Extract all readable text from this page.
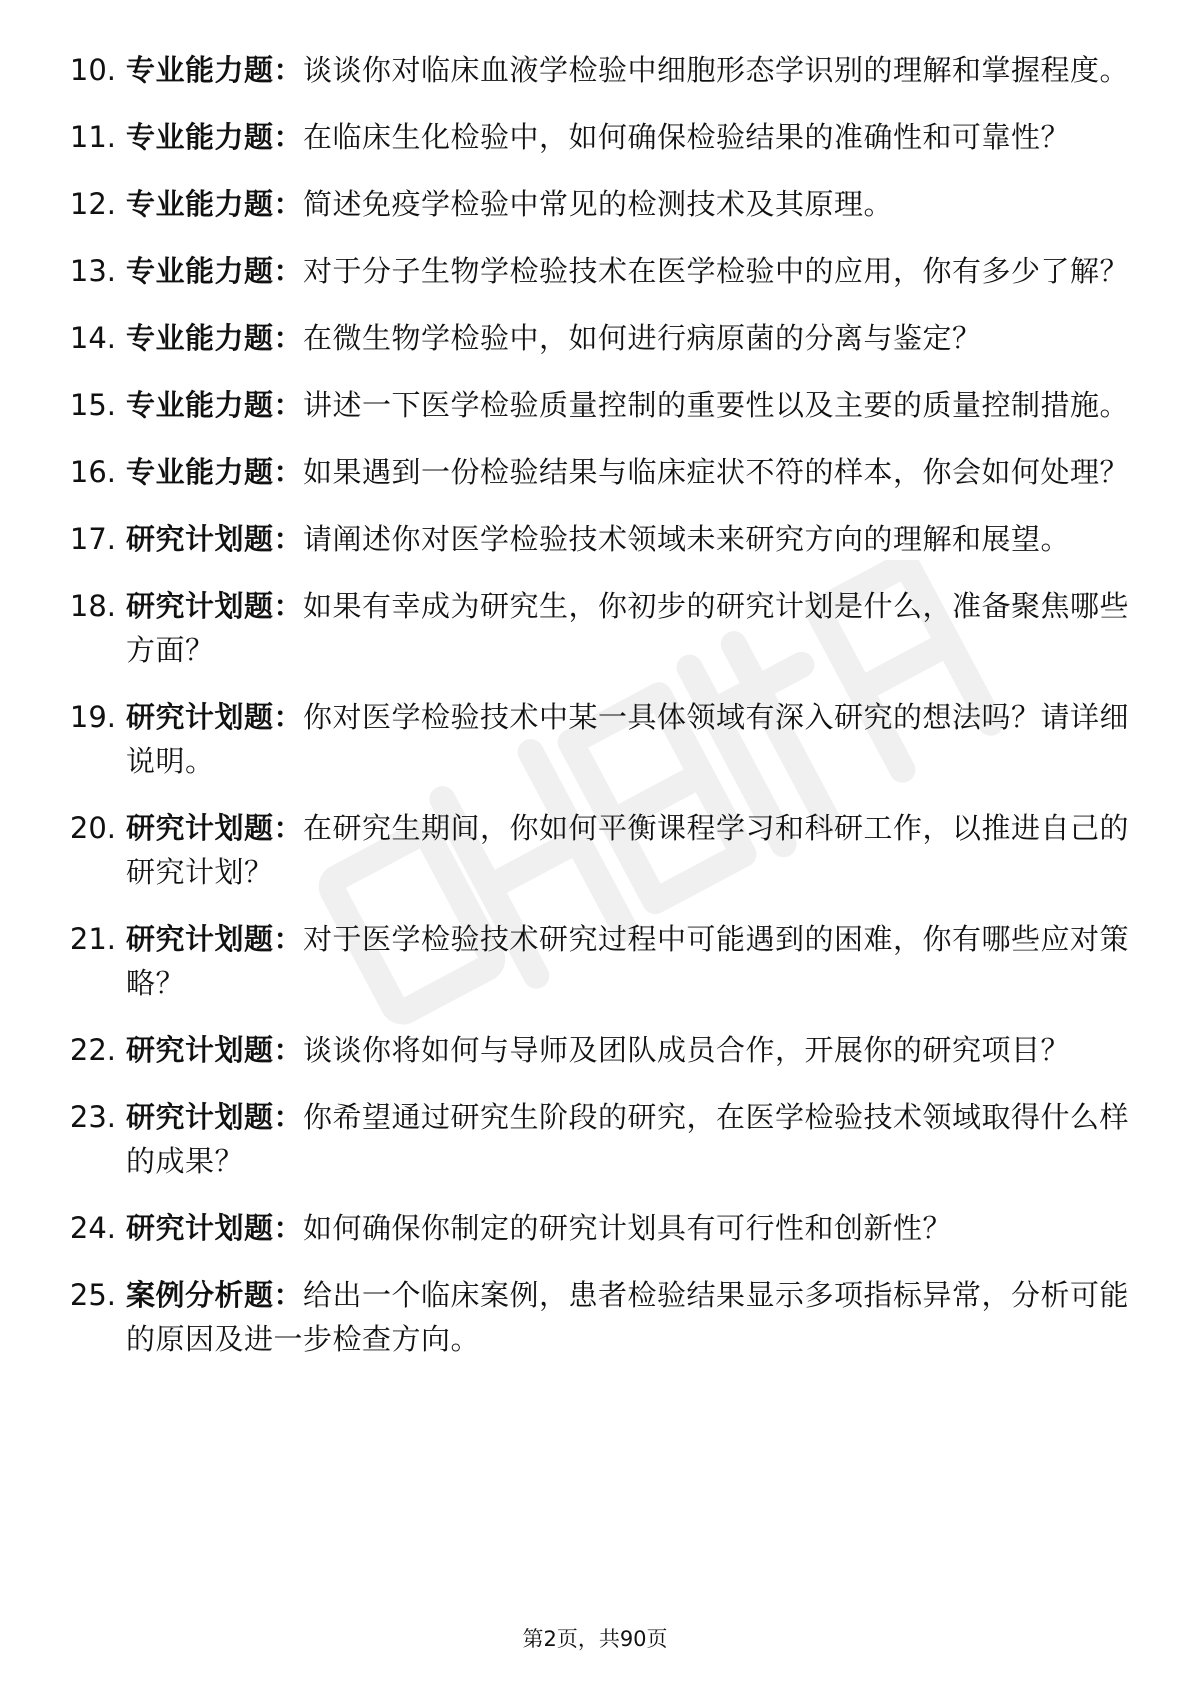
10. 专业能力题：谈谈你对临床血液学检验中细胞形态学识别的理解和掌握程度。
11. 专业能力题：在临床生化检验中，如何确保检验结果的准确性和可靠性？
12. 专业能力题：简述免疫学检验中常见的检测技术及其原理。
13. 专业能力题：对于分子生物学检验技术在医学检验中的应用，你有多少了解？
14. 专业能力题：在微生物学检验中，如何进行病原菌的分离与鉴定？
15. 专业能力题：讲述一下医学检验质量控制的重要性以及主要的质量控制措施。
16. 专业能力题：如果遇到一份检验结果与临床症状不符的样本，你会如何处理？
17. 研究计划题：请阐述你对医学检验技术领域未来研究方向的理解和展望。
18. 研究计划题：如果有幸成为研究生，你初步的研究计划是什么，准备聚焦哪些方面？
19. 研究计划题：你对医学检验技术中某一具体领域有深入研究的想法吗？请详细说明。
20. 研究计划题：在研究生期间，你如何平衡课程学习和科研工作，以推进自己的研究计划？
21. 研究计划题：对于医学检验技术研究过程中可能遇到的困难，你有哪些应对策略？
22. 研究计划题：谈谈你将如何与导师及团队成员合作，开展你的研究项目？
23. 研究计划题：你希望通过研究生阶段的研究，在医学检验技术领域取得什么样的成果？
24. 研究计划题：如何确保你制定的研究计划具有可行性和创新性？
25. 案例分析题：给出一个临床案例，患者检验结果显示多项指标异常，分析可能的原因及进一步检查方向。
第2页，共90页
